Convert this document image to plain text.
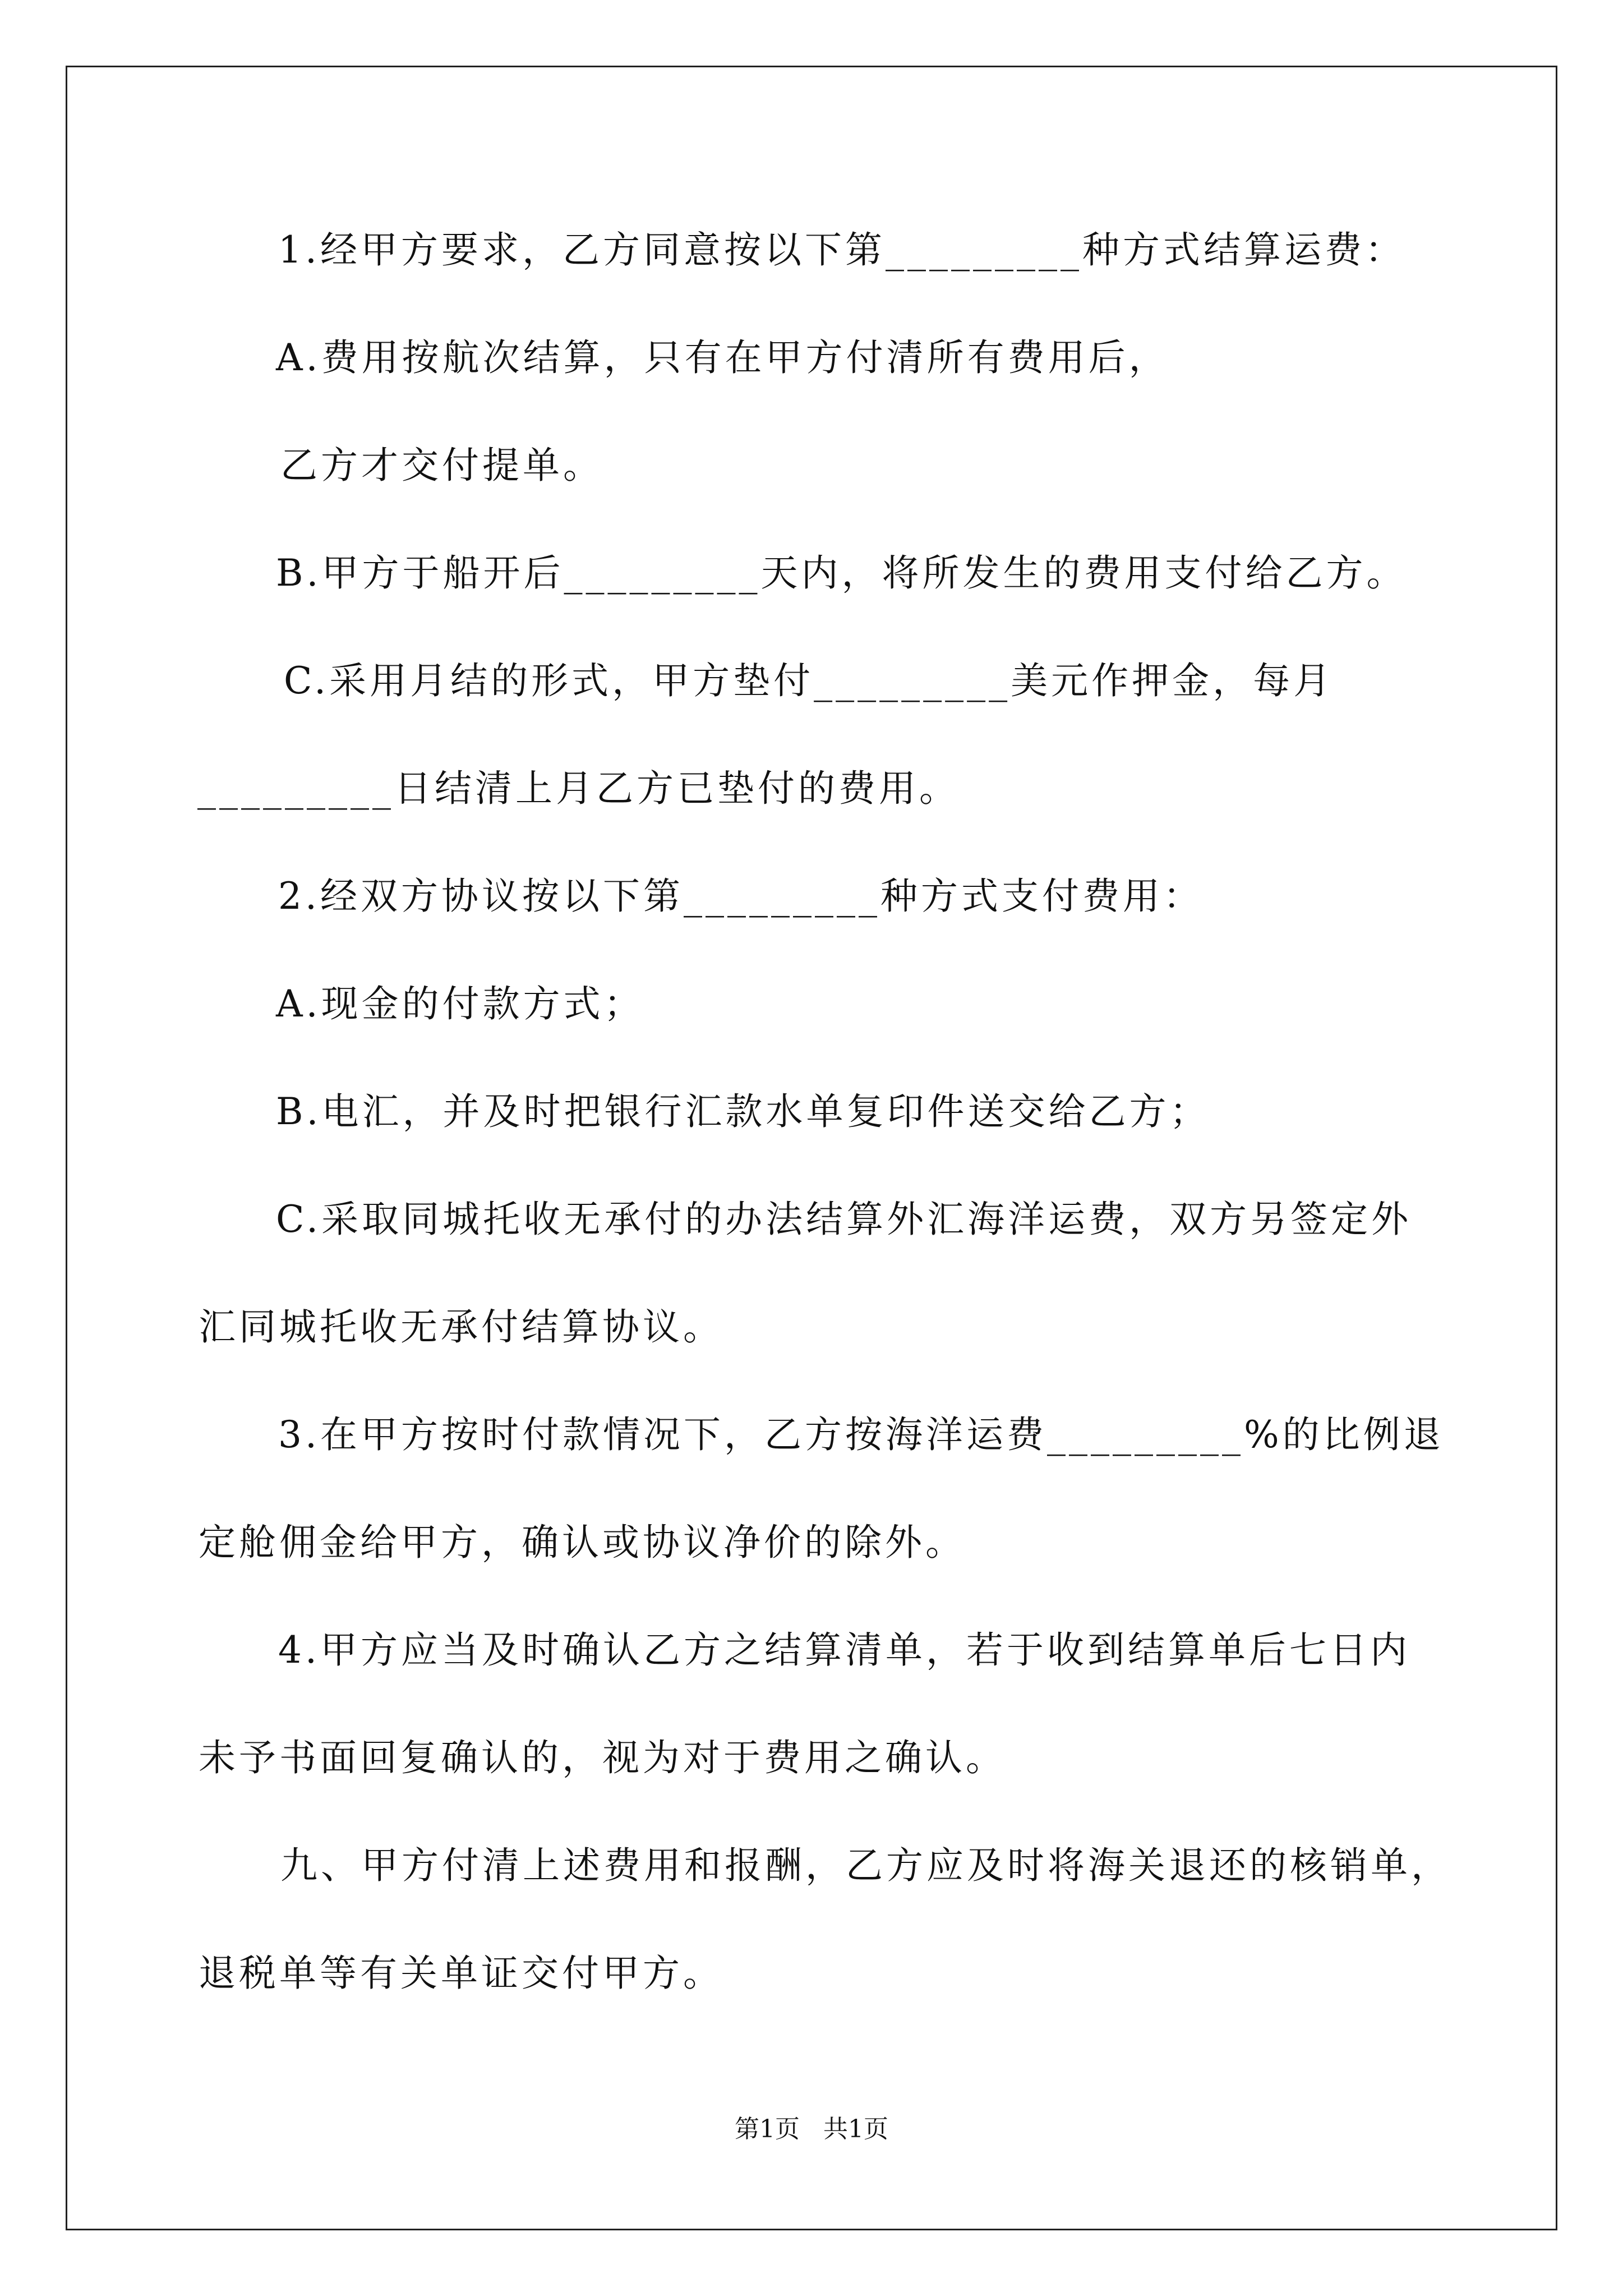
1.经甲方要求，乙方同意按以下第_________种方式结算运费：
A.费用按航次结算，只有在甲方付清所有费用后，
乙方才交付提单。
B.甲方于船开后_________天内，将所发生的费用支付给乙方。
C.采用月结的形式，甲方垫付_________美元作押金，每月
_________日结清上月乙方已垫付的费用。
2.经双方协议按以下第_________种方式支付费用：
A.现金的付款方式；
B.电汇，并及时把银行汇款水单复印件送交给乙方；
C.采取同城托收无承付的办法结算外汇海洋运费，双方另签定外
汇同城托收无承付结算协议。
3.在甲方按时付款情况下，乙方按海洋运费_________%的比例退
定舱佣金给甲方，确认或协议净价的除外。
4.甲方应当及时确认乙方之结算清单，若于收到结算单后七日内
未予书面回复确认的，视为对于费用之确认。
九、甲方付清上述费用和报酬，乙方应及时将海关退还的核销单，
退税单等有关单证交付甲方。
第1页   共1页
